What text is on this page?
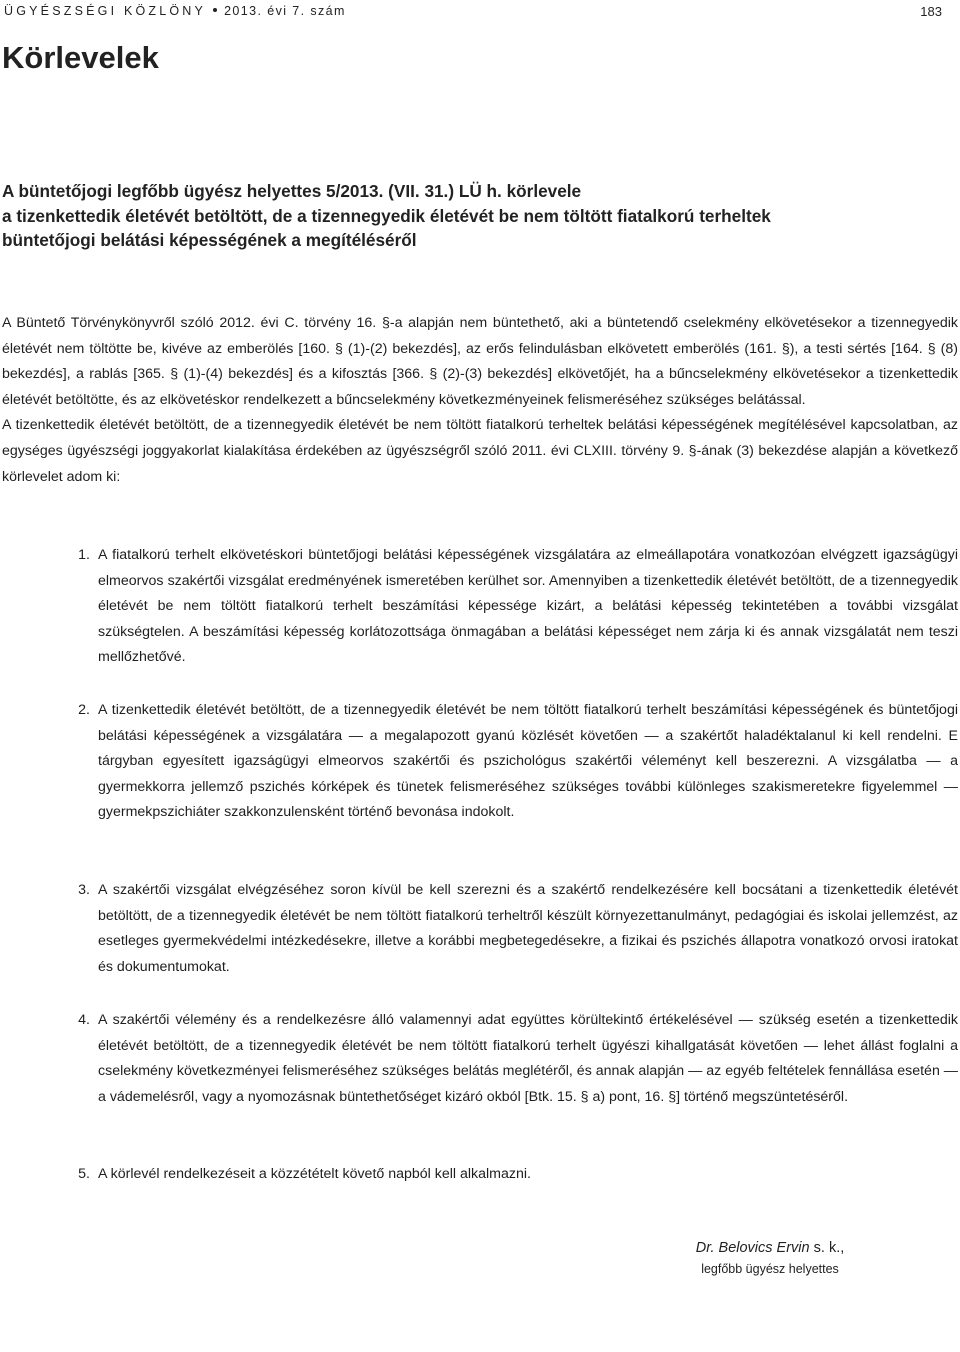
ÜGYÉSZSÉGI KÖZLÖNY 2013. évi 7. szám	183
Körlevelek
A büntetőjogi legfőbb ügyész helyettes 5/2013. (VII. 31.) LÜ h. körlevele
a tizenkettedik életévét betöltött, de a tizennegyedik életévét be nem töltött fiatalkorú terheltek
büntetőjogi belátási képességének a megítéléséről

A Büntető Törvénykönyvről szóló 2012. évi C. törvény 16. §-a alapján nem büntethető, aki a büntetendő cselekmény elkövetésekor a tizennegyedik életévét nem töltötte be, kivéve az emberölés [160. § (1)-(2) bekezdés], az erős felindulásban elkövetett emberölés (161. §), a testi sértés [164. § (8) bekezdés], a rablás [365. § (1)-(4) bekezdés] és a kifosztás [366. § (2)-(3) bekezdés] elkövetőjét, ha a bűncselekmény elkövetésekor a tizenkettedik életévét betöltötte, és az elkövetéskor rendelkezett a bűncselekmény következményeinek felismeréséhez szükséges belátással.

A tizenkettedik életévét betöltött, de a tizennegyedik életévét be nem töltött fiatalkorú terheltek belátási képességének megítélésével kapcsolatban, az egységes ügyészségi joggyakorlat kialakítása érdekében az ügyészségről szóló 2011. évi CLXIII. törvény 9. §-ának (3) bekezdése alapján a következő körlevelet adom ki:

1. A fiatalkorú terhelt elkövetéskori büntetőjogi belátási képességének vizsgálatára az elmeállapotára vonatkozóan elvégzett igazságügyi elmeorvos szakértői vizsgálat eredményének ismeretében kerülhet sor. Amennyiben a tizenkettedik életévét betöltött, de a tizennegyedik életévét be nem töltött fiatalkorú terhelt beszámítási képessége kizárt, a belátási képesség tekintetében a további vizsgálat szükségtelen. A beszámítási képesség korlátozottsága önmagában a belátási képességet nem zárja ki és annak vizsgálatát nem teszi mellőzhetővé.
2. A tizenkettedik életévét betöltött, de a tizennegyedik életévét be nem töltött fiatalkorú terhelt beszámítási képességének és büntetőjogi belátási képességének a vizsgálatára — a megalapozott gyanú közlését követően — a szakértőt haladéktalanul ki kell rendelni. E tárgyban egyesített igazságügyi elmeorvos szakértői és pszichológus szakértői véleményt kell beszerezni. A vizsgálatba — a gyermekkorra jellemző pszichés kórképek és tünetek felismeréséhez szükséges további különleges szakismeretekre figyelemmel — gyermekpszichiáter szakkonzulensként történő bevonása indokolt.
3. A szakértői vizsgálat elvégzéséhez soron kívül be kell szerezni és a szakértő rendelkezésére kell bocsátani a tizenkettedik életévét betöltött, de a tizennegyedik életévét be nem töltött fiatalkorú terheltről készült környezettanulmányt, pedagógiai és iskolai jellemzést, az esetleges gyermekvédelmi intézkedésekre, illetve a korábbi megbetegedésekre, a fizikai és pszichés állapotra vonatkozó orvosi iratokat és dokumentumokat.
4. A szakértői vélemény és a rendelkezésre álló valamennyi adat együttes körültekintő értékelésével — szükség esetén a tizenkettedik életévét betöltött, de a tizennegyedik életévét be nem töltött fiatalkorú terhelt ügyészi kihallgatását követően — lehet állást foglalni a cselekmény következményei felismeréséhez szükséges belátás meglétéről, és annak alapján — az egyéb feltételek fennállása esetén — a vádemelésről, vagy a nyomozásnak büntethetőséget kizáró okból [Btk. 15. § a) pont, 16. §] történő megszüntetéséről.
5. A körlevél rendelkezéseit a közzétételt követő napból kell alkalmazni.
Dr. Belovics Ervin s. k.,
legfőbb ügyész helyettes
